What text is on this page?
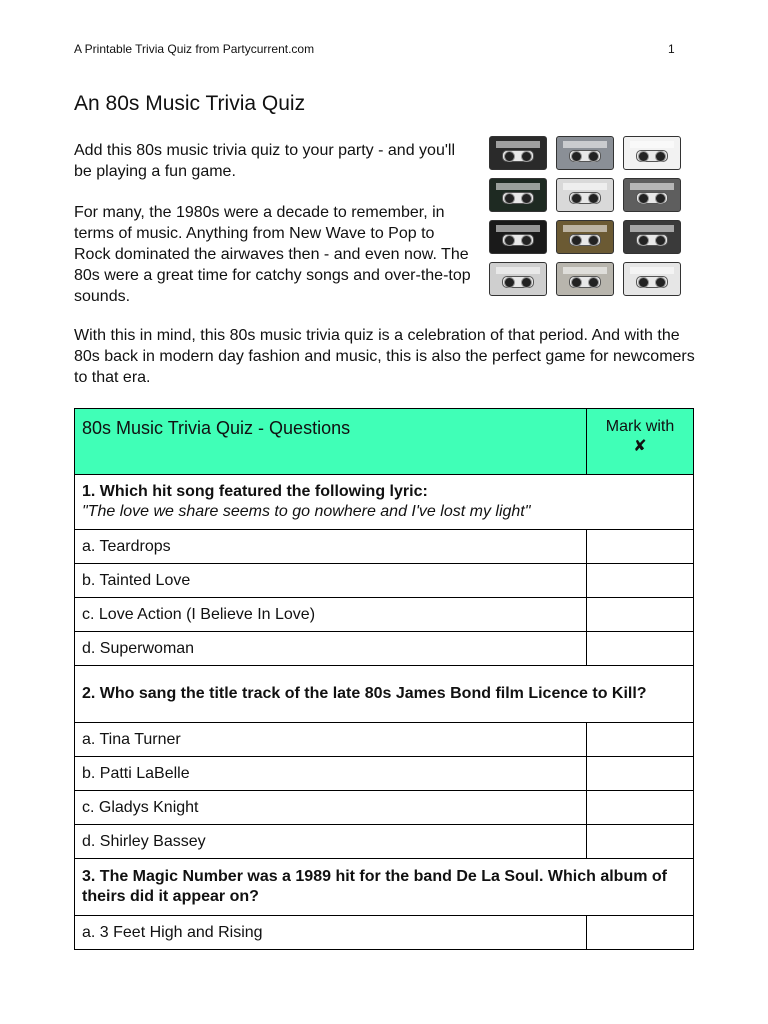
A Printable Trivia Quiz from Partycurrent.com	1
An 80s Music Trivia Quiz

Add this 80s music trivia quiz to your party - and you'll be playing a fun game.

For many, the 1980s were a decade to remember, in terms of music. Anything from New Wave to Pop to Rock dominated the airwaves then - and even now. The 80s were a great time for catchy songs and over-the-top sounds.

With this in mind, this 80s music trivia quiz is a celebration of that period. And with the 80s back in modern day fashion and music, this is also the perfect game for newcomers to that era.

80s Music Trivia Quiz - Questions	Mark with
✘
1. Which hit song featured the following lyric:
"The love we share seems to go nowhere and I've lost my light"	

a. Teardrops	
b. Tainted Love	
c. Love Action (I Believe In Love)	
d. Superwoman	
2. Who sang the title track of the late 80s James Bond film Licence to Kill?	
a. Tina Turner	
b. Patti LaBelle	
c. Gladys Knight	
d. Shirley Bassey	
3. The Magic Number was a 1989 hit for the band De La Soul. Which album of theirs did it appear on?	
a. 3 Feet High and Rising	
